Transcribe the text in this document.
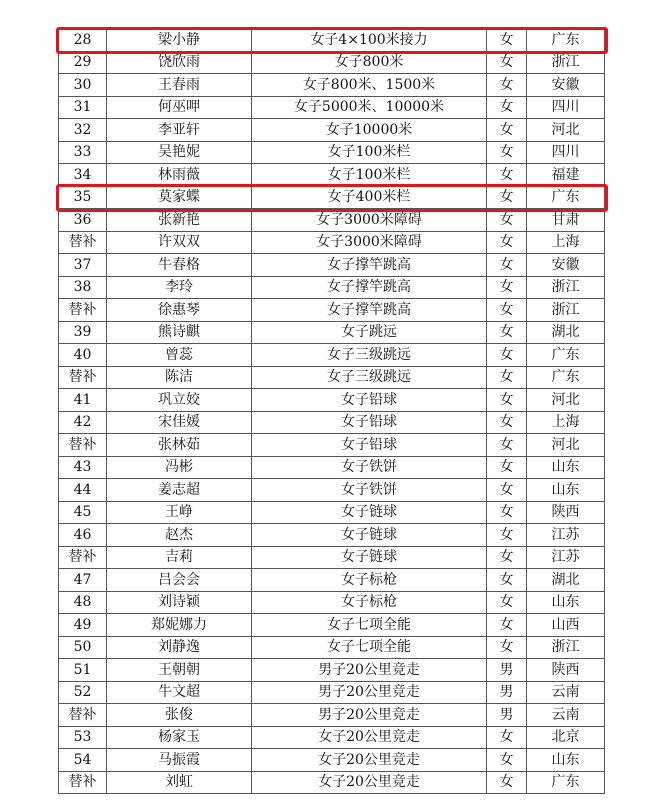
28	梁小静	女子4×100米接力	女	广东
29	饶欣雨	女子800米	女	浙江
30	王春雨	女子800米、1500米	女	安徽
31	何巫呷	女子5000米、10000米	女	四川
32	李亚轩	女子10000米	女	河北
33	吴艳妮	女子100米栏	女	四川
34	林雨薇	女子100米栏	女	福建
35	莫家蝶	女子400米栏	女	广东
36	张新艳	女子3000米障碍	女	甘肃
替补	许双双	女子3000米障碍	女	上海
37	牛春格	女子撑竿跳高	女	安徽
38	李玲	女子撑竿跳高	女	浙江
替补	徐惠琴	女子撑竿跳高	女	浙江
39	熊诗麒	女子跳远	女	湖北
40	曾蕊	女子三级跳远	女	广东
替补	陈洁	女子三级跳远	女	广东
41	巩立姣	女子铅球	女	河北
42	宋佳媛	女子铅球	女	上海
替补	张林茹	女子铅球	女	河北
43	冯彬	女子铁饼	女	山东
44	姜志超	女子铁饼	女	山东
45	王峥	女子链球	女	陕西
46	赵杰	女子链球	女	江苏
替补	吉莉	女子链球	女	江苏
47	吕会会	女子标枪	女	湖北
48	刘诗颖	女子标枪	女	山东
49	郑妮娜力	女子七项全能	女	山西
50	刘静逸	女子七项全能	女	浙江
51	王朝朝	男子20公里竞走	男	陕西
52	牛文超	男子20公里竞走	男	云南
替补	张俊	男子20公里竞走	男	云南
53	杨家玉	女子20公里竞走	女	北京
54	马振霞	女子20公里竞走	女	山东
替补	刘虹	女子20公里竞走	女	广东
